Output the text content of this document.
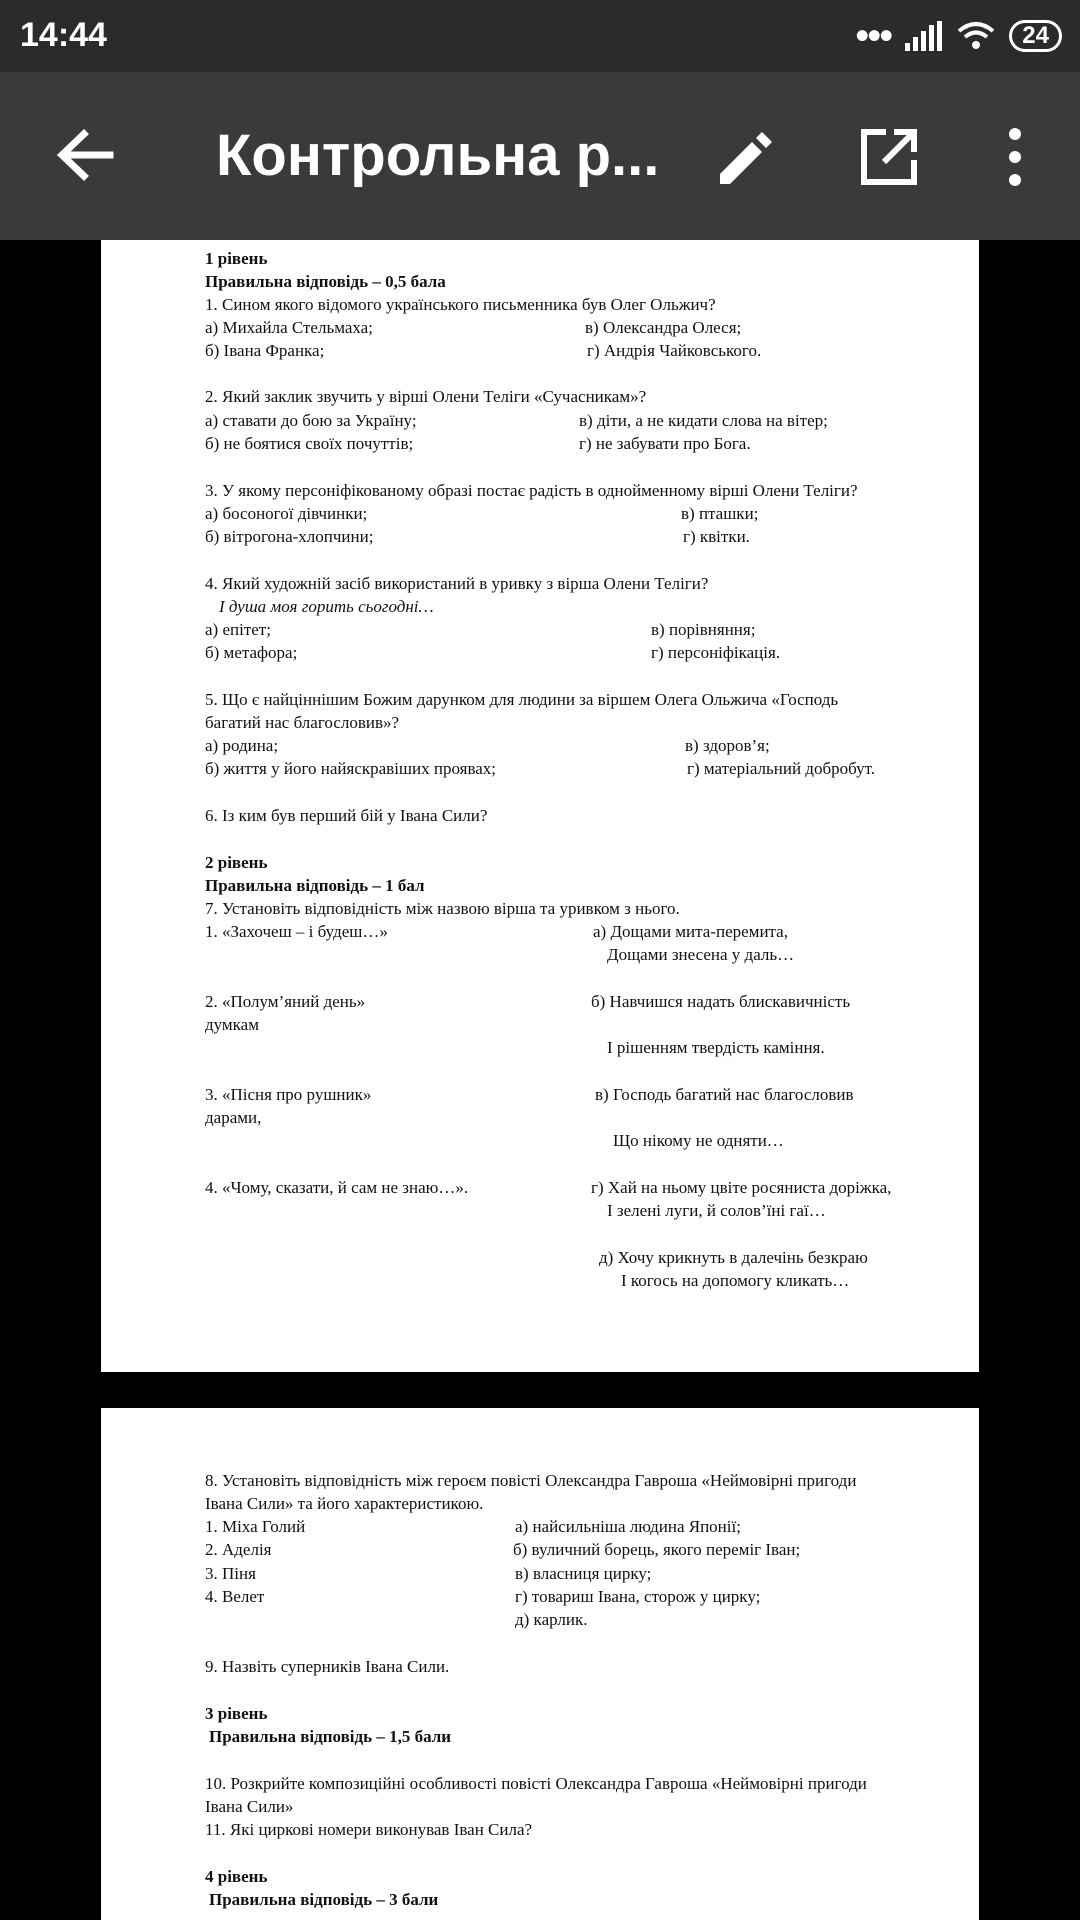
14:44	•••	24
Контрольна р...
1 рівень
Правильна відповідь – 0,5 бала
1. Сином якого відомого українського письменника був Олег Ольжич?
а) Михайла Стельмаха;	в) Олександра Олеся;
б) Івана Франка;	г) Андрія Чайковського.
2. Який заклик звучить у вірші Олени Теліги «Сучасникам»?
а) ставати до бою за Україну;	в) діти, а не кидати слова на вітер;
б) не боятися своїх почуттів;	г) не забувати про Бога.
3. У якому персоніфікованому образі постає радість в однойменному вірші Олени Теліги?
а) босоногої дівчинки;	в) пташки;
б) вітрогона-хлопчини;	г) квітки.
4. Який художній засіб використаний в уривку з вірша Олени Теліги?
І душа моя горить сьогодні…
а) епітет;	в) порівняння;
б) метафора;	г) персоніфікація.
5. Що є найціннішим Божим дарунком для людини за віршем Олега Ольжича «Господь
багатий нас благословив»?
а) родина;	в) здоров’я;
б) життя у його найяскравіших проявах;	г) матеріальний добробут.
6. Із ким був перший бій у Івана Сили?
2 рівень
Правильна відповідь – 1 бал
7. Установіть відповідність між назвою вірша та уривком з нього.
1. «Захочеш – і будеш…»	а) Дощами мита-перемита,
Дощами знесена у даль…
2. «Полум’яний день»	б) Навчишся надать блискавичність
думкам
І рішенням твердість каміння.
3. «Пісня про рушник»	в) Господь багатий нас благословив
дарами,
Що нікому не одняти…
4. «Чому, сказати, й сам не знаю…».	г) Хай на ньому цвіте росяниста доріжка,
І зелені луги, й солов’їні гаї…
д) Хочу крикнуть в далечінь безкраю
І когось на допомогу кликать…
8. Установіть відповідність між героєм повісті Олександра Гавроша «Неймовірні пригоди
Івана Сили» та його характеристикою.
1. Міха Голий	а) найсильніша людина Японії;
2. Аделія	б) вуличний борець, якого переміг Іван;
3. Піня	в) власниця цирку;
4. Велет	г) товариш Івана, сторож у цирку;
д) карлик.
9. Назвіть суперників Івана Сили.
3 рівень
Правильна відповідь – 1,5 бали
10. Розкрийте композиційні особливості повісті Олександра Гавроша «Неймовірні пригоди
Івана Сили»
11. Які циркові номери виконував Іван Сила?
4 рівень
Правильна відповідь – 3 бали
